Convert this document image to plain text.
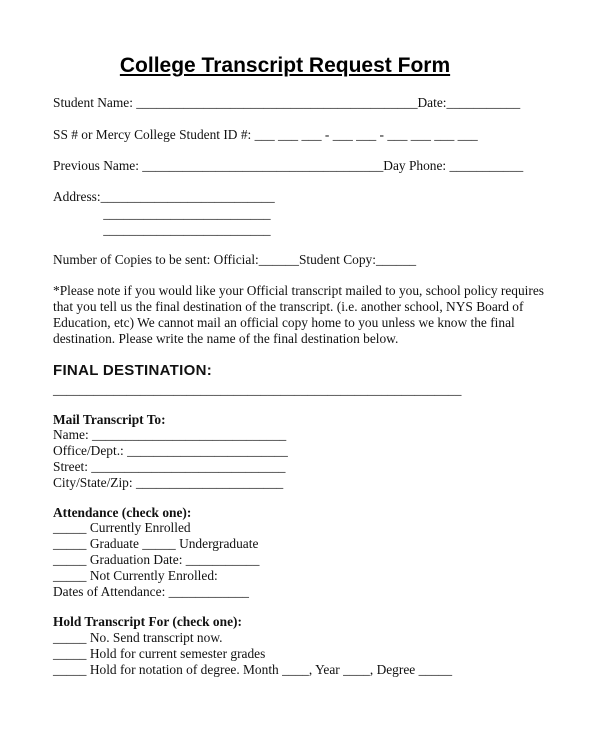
College Transcript Request Form
Student Name: __________________________________________Date:___________
SS # or Mercy College Student ID #: ___ ___ ___ - ___ ___ - ___ ___ ___ ___
Previous Name: ____________________________________Day Phone: ___________
Address:__________________________
_________________________
_________________________
Number of Copies to be sent: Official:______Student Copy:______
*Please note if you would like your Official transcript mailed to you, school policy requires that you tell us the final destination of the transcript. (i.e. another school, NYS Board of Education, etc) We cannot mail an official copy home to you unless we know the final destination. Please write the name of the final destination below.
FINAL DESTINATION:
_____________________________________________________________
Mail Transcript To:
Name: _____________________________
Office/Dept.: ________________________
Street: _____________________________
City/State/Zip: ______________________
Attendance (check one):
_____ Currently Enrolled
_____ Graduate _____ Undergraduate
_____ Graduation Date: ___________
_____ Not Currently Enrolled:
Dates of Attendance: ____________
Hold Transcript For (check one):
_____ No. Send transcript now.
_____ Hold for current semester grades
_____ Hold for notation of degree. Month ____, Year ____, Degree _____
